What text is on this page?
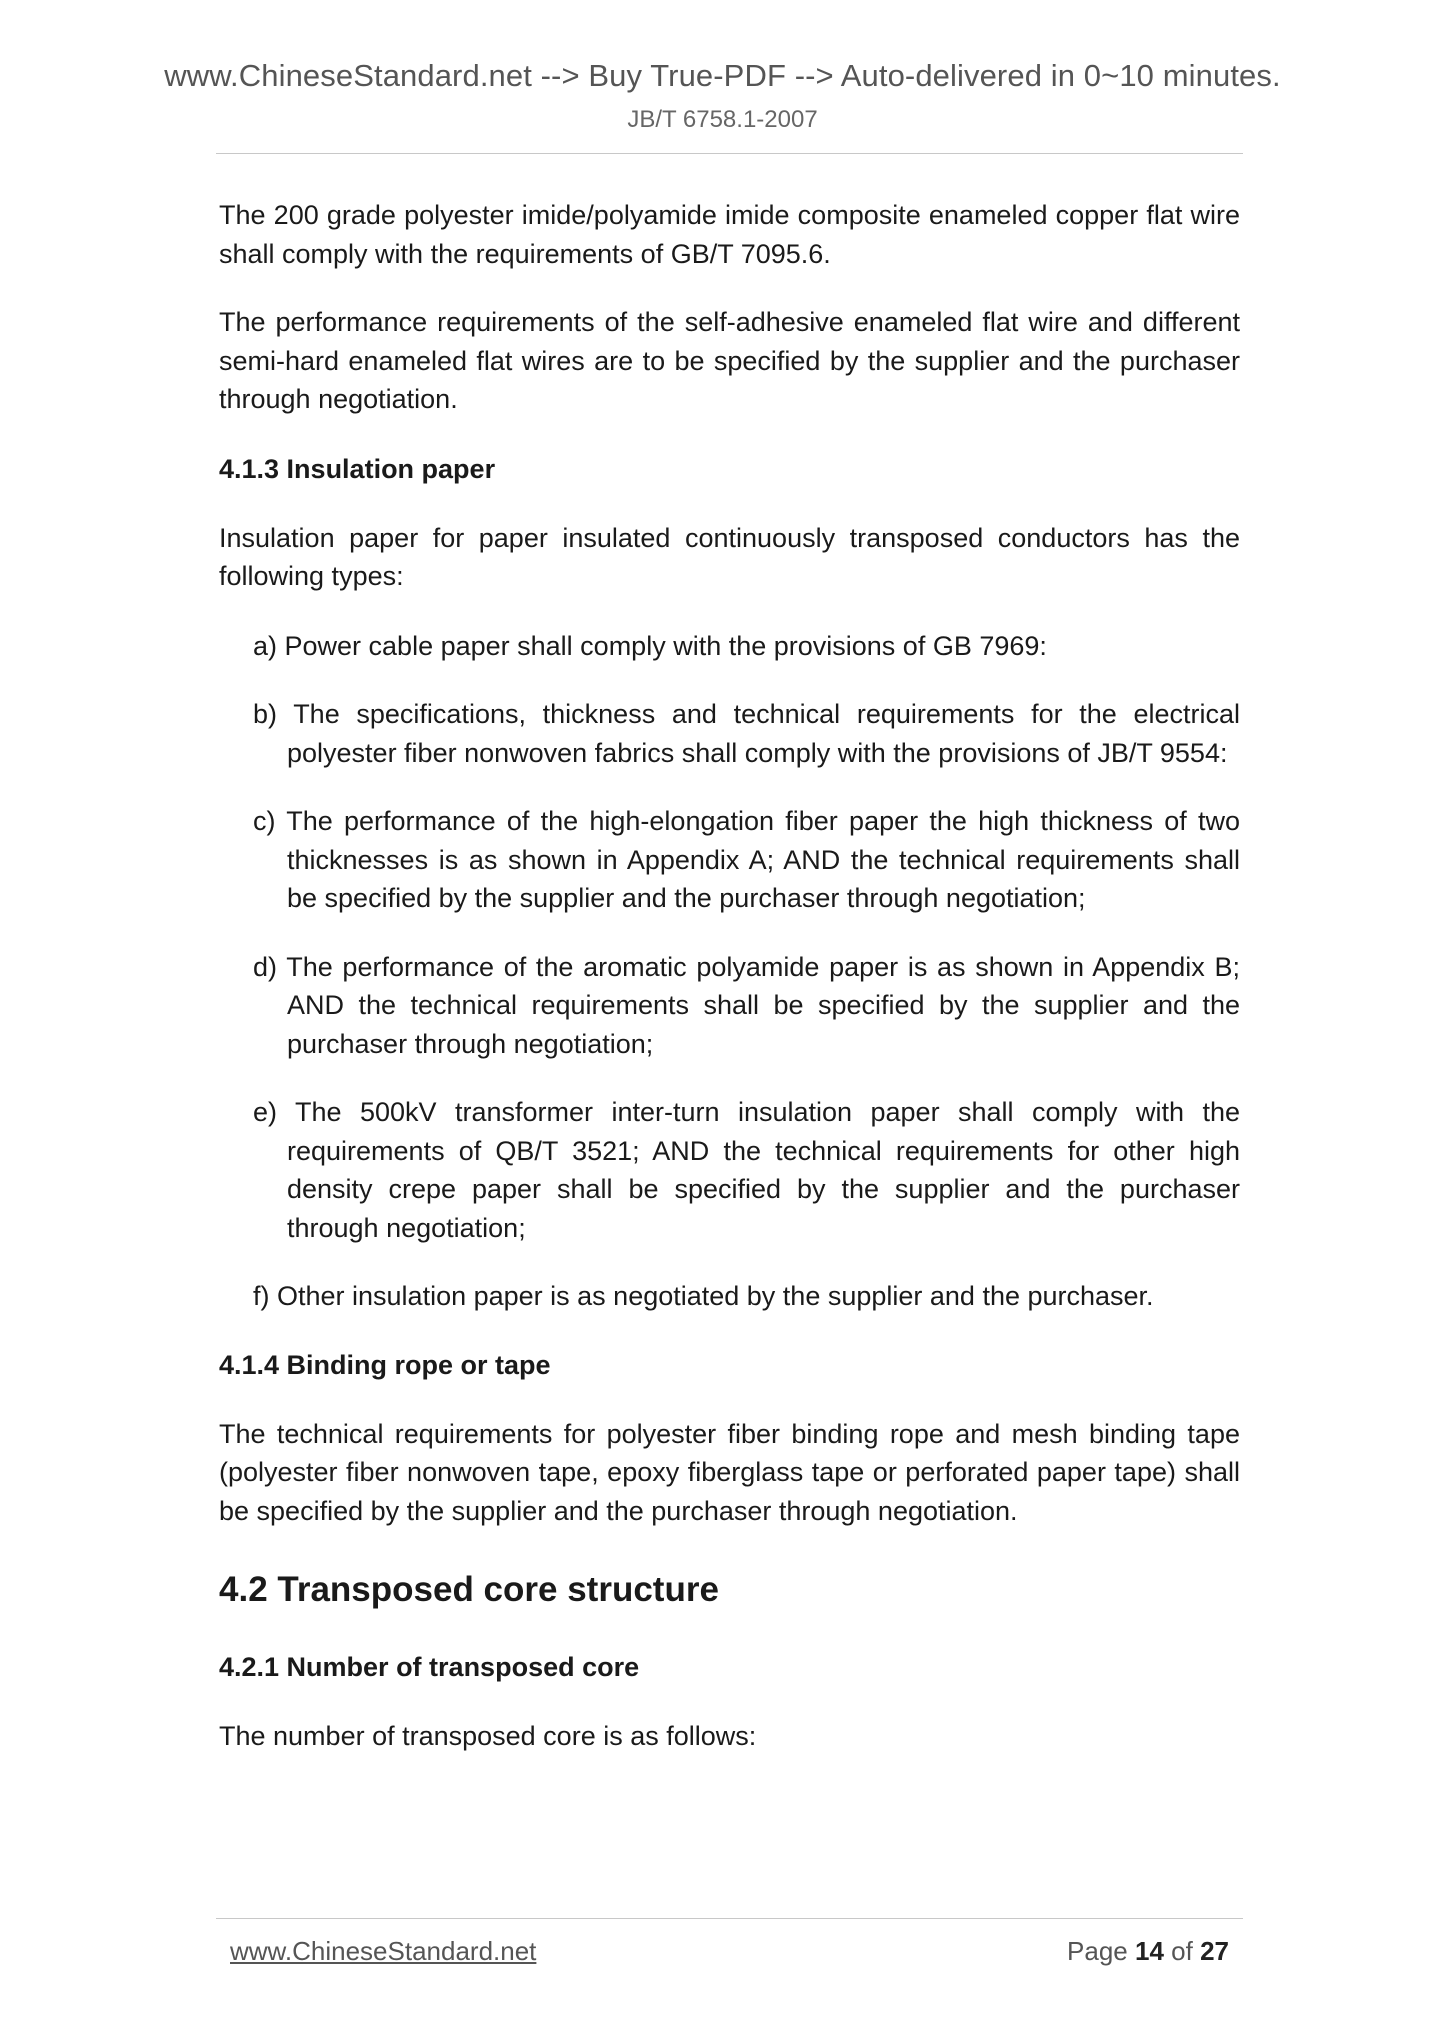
www.ChineseStandard.net --> Buy True-PDF --> Auto-delivered in 0~10 minutes.
JB/T 6758.1-2007

The 200 grade polyester imide/polyamide imide composite enameled copper flat wire shall comply with the requirements of GB/T 7095.6.

The performance requirements of the self-adhesive enameled flat wire and different semi-hard enameled flat wires are to be specified by the supplier and the purchaser through negotiation.

4.1.3 Insulation paper

Insulation paper for paper insulated continuously transposed conductors has the following types:

a) Power cable paper shall comply with the provisions of GB 7969:

b) The specifications, thickness and technical requirements for the electrical polyester fiber nonwoven fabrics shall comply with the provisions of JB/T 9554:

c) The performance of the high-elongation fiber paper the high thickness of two thicknesses is as shown in Appendix A; AND the technical requirements shall be specified by the supplier and the purchaser through negotiation;

d) The performance of the aromatic polyamide paper is as shown in Appendix B; AND the technical requirements shall be specified by the supplier and the purchaser through negotiation;

e) The 500kV transformer inter-turn insulation paper shall comply with the requirements of QB/T 3521; AND the technical requirements for other high density crepe paper shall be specified by the supplier and the purchaser through negotiation;

f) Other insulation paper is as negotiated by the supplier and the purchaser.

4.1.4 Binding rope or tape

The technical requirements for polyester fiber binding rope and mesh binding tape (polyester fiber nonwoven tape, epoxy fiberglass tape or perforated paper tape) shall be specified by the supplier and the purchaser through negotiation.

4.2 Transposed core structure

4.2.1 Number of transposed core

The number of transposed core is as follows:

www.ChineseStandard.net	Page 14 of 27
